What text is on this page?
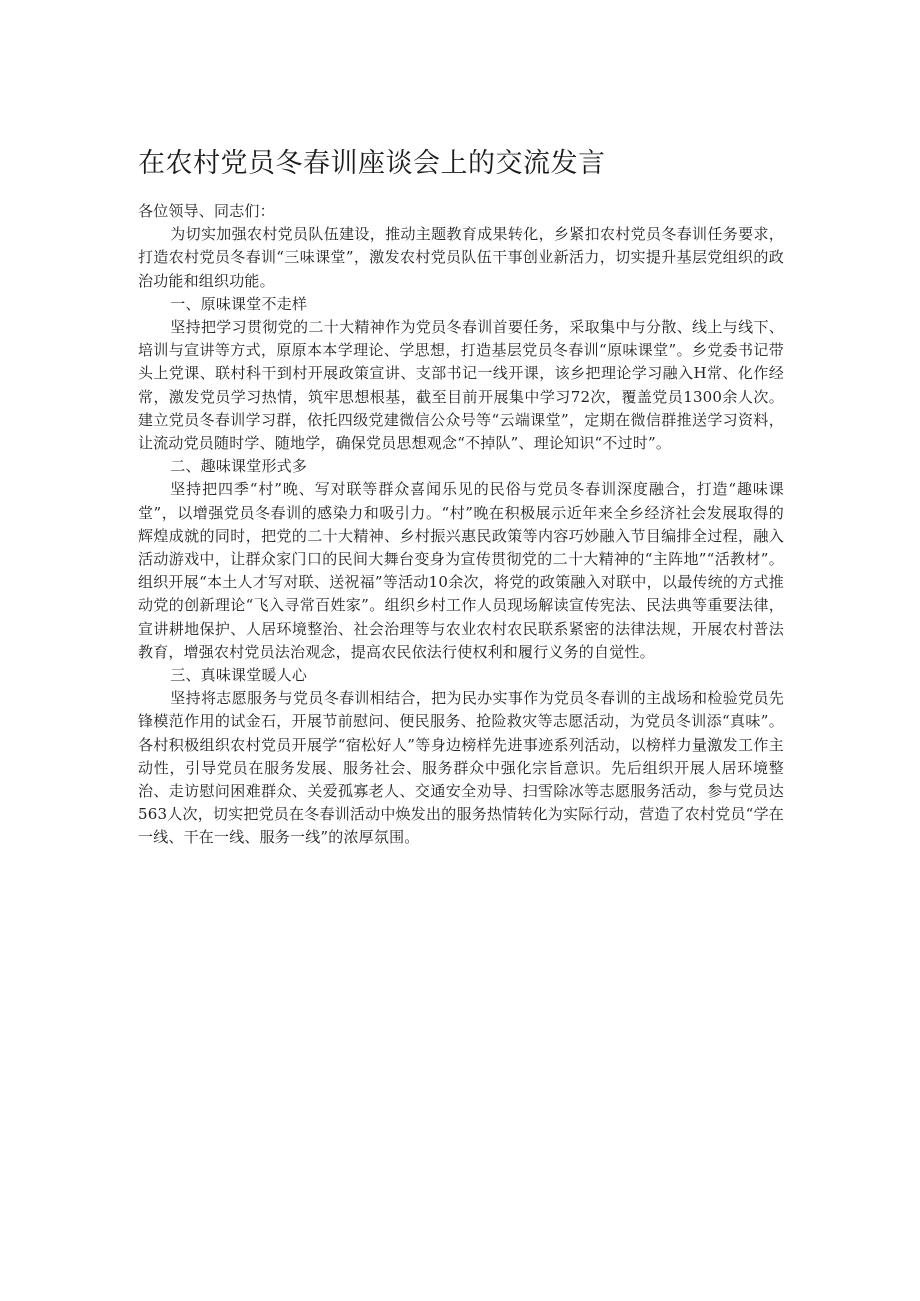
在农村党员冬春训座谈会上的交流发言

各位领导、同志们：

为切实加强农村党员队伍建设，推动主题教育成果转化，乡紧扣农村党员冬春训任务要求，打造农村党员冬春训“三味课堂”，激发农村党员队伍干事创业新活力，切实提升基层党组织的政治功能和组织功能。

一、原味课堂不走样

坚持把学习贯彻党的二十大精神作为党员冬春训首要任务，采取集中与分散、线上与线下、培训与宣讲等方式，原原本本学理论、学思想，打造基层党员冬春训“原味课堂”。乡党委书记带头上党课、联村科干到村开展政策宣讲、支部书记一线开课，该乡把理论学习融入H常、化作经常，激发党员学习热情，筑牢思想根基，截至目前开展集中学习72次，覆盖党员1300余人次。建立党员冬春训学习群，依托四级党建微信公众号等“云端课堂”，定期在微信群推送学习资料，让流动党员随时学、随地学，确保党员思想观念“不掉队”、理论知识“不过时”。

二、趣味课堂形式多

坚持把四季“村”晚、写对联等群众喜闻乐见的民俗与党员冬春训深度融合，打造“趣味课堂”，以增强党员冬春训的感染力和吸引力。“村”晚在积极展示近年来全乡经济社会发展取得的辉煌成就的同时，把党的二十大精神、乡村振兴惠民政策等内容巧妙融入节目编排全过程，融入活动游戏中，让群众家门口的民间大舞台变身为宣传贯彻党的二十大精神的“主阵地”“活教材”。组织开展“本土人才写对联、送祝福”等活动10余次，将党的政策融入对联中，以最传统的方式推动党的创新理论“飞入寻常百姓家”。组织乡村工作人员现场解读宣传宪法、民法典等重要法律，宣讲耕地保护、人居环境整治、社会治理等与农业农村农民联系紧密的法律法规，开展农村普法教育，增强农村党员法治观念，提高农民依法行使权利和履行义务的自觉性。

三、真味课堂暖人心

坚持将志愿服务与党员冬春训相结合，把为民办实事作为党员冬春训的主战场和检验党员先锋模范作用的试金石，开展节前慰问、便民服务、抢险救灾等志愿活动，为党员冬训添“真味”。各村积极组织农村党员开展学“宿松好人”等身边榜样先进事迹系列活动，以榜样力量激发工作主动性，引导党员在服务发展、服务社会、服务群众中强化宗旨意识。先后组织开展人居环境整治、走访慰问困难群众、关爱孤寡老人、交通安全劝导、扫雪除冰等志愿服务活动，参与党员达563人次，切实把党员在冬春训活动中焕发出的服务热情转化为实际行动，营造了农村党员“学在一线、干在一线、服务一线”的浓厚氛围。
